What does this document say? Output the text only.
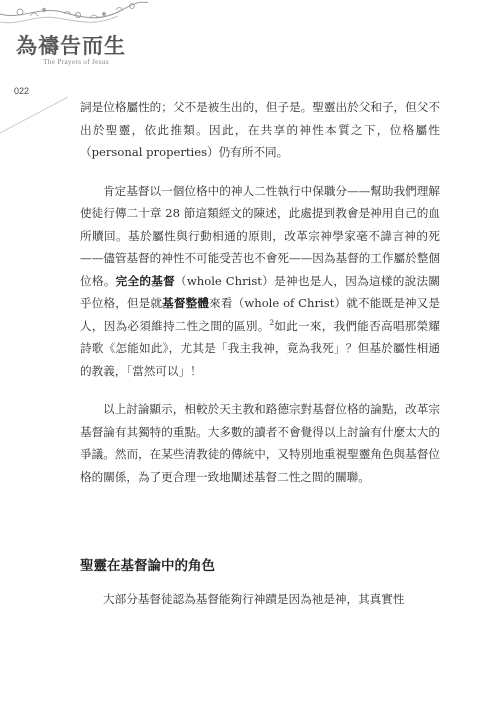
為禱告而生
The Prayers of Jesus
022

詞是位格屬性的；父不是被生出的，但子是。聖靈出於父和子，但父不出於聖靈，依此推類。因此，在共享的神性本質之下，位格屬性（personal properties）仍有所不同。

肯定基督以一個位格中的神人二性執行中保職分——幫助我們理解使徒行傳二十章 28 節這類經文的陳述，此處提到教會是神用自己的血所贖回。基於屬性與行動相通的原則，改革宗神學家毫不諱言神的死——儘管基督的神性不可能受苦也不會死——因為基督的工作屬於整個位格。完全的基督（whole Christ）是神也是人，因為這樣的說法關乎位格，但是就基督整體來看（whole of Christ）就不能既是神又是人，因為必須維持二性之間的區別。$^2$如此一來，我們能否高唱那榮耀詩歌《怎能如此》，尤其是「我主我神，竟為我死」？但基於屬性相通的教義，「當然可以」！

以上討論顯示，相較於天主教和路德宗對基督位格的論點，改革宗基督論有其獨特的重點。大多數的讀者不會覺得以上討論有什麼太大的爭議。然而，在某些清教徒的傳統中，又特別地重視聖靈角色與基督位格的關係，為了更合理一致地闡述基督二性之間的關聯。

聖靈在基督論中的角色
大部分基督徒認為基督能夠行神蹟是因為祂是神，其真實性
